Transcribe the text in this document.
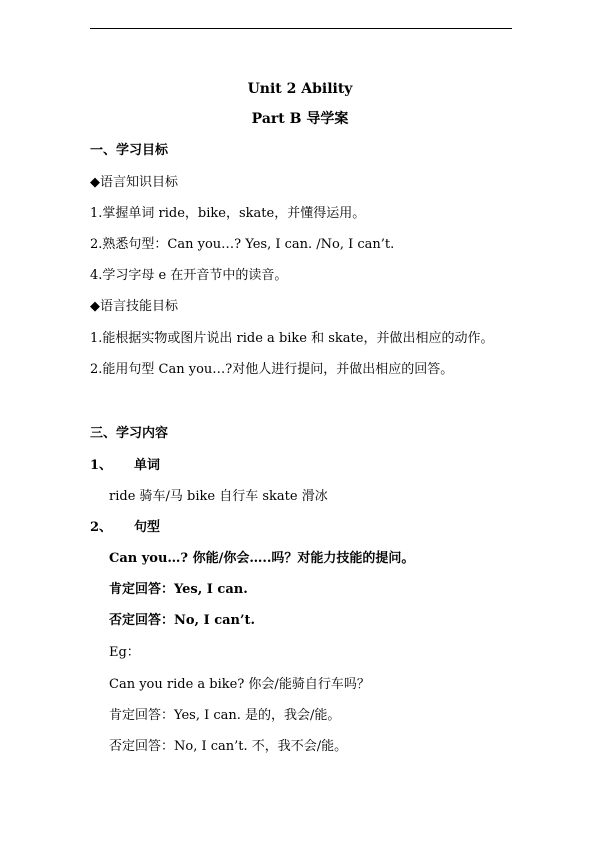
Unit 2 Ability
Part B 导学案
一、学习目标
◆语言知识目标
1.掌握单词 ride，bike，skate，并懂得运用。
2.熟悉句型：Can you…? Yes, I can. /No, I can’t.
4.学习字母 e 在开音节中的读音。
◆语言技能目标
1.能根据实物或图片说出 ride a bike 和 skate，并做出相应的动作。
2.能用句型 Can you…?对他人进行提问，并做出相应的回答。
三、学习内容
1、 单词
ride 骑车/马 bike 自行车 skate 滑冰
2、 句型
Can you…? 你能/你会…..吗？对能力技能的提问。
肯定回答：Yes, I can.
否定回答：No, I can’t.
Eg：
Can you ride a bike? 你会/能骑自行车吗？
肯定回答：Yes, I can. 是的，我会/能。
否定回答：No, I can’t. 不，我不会/能。
